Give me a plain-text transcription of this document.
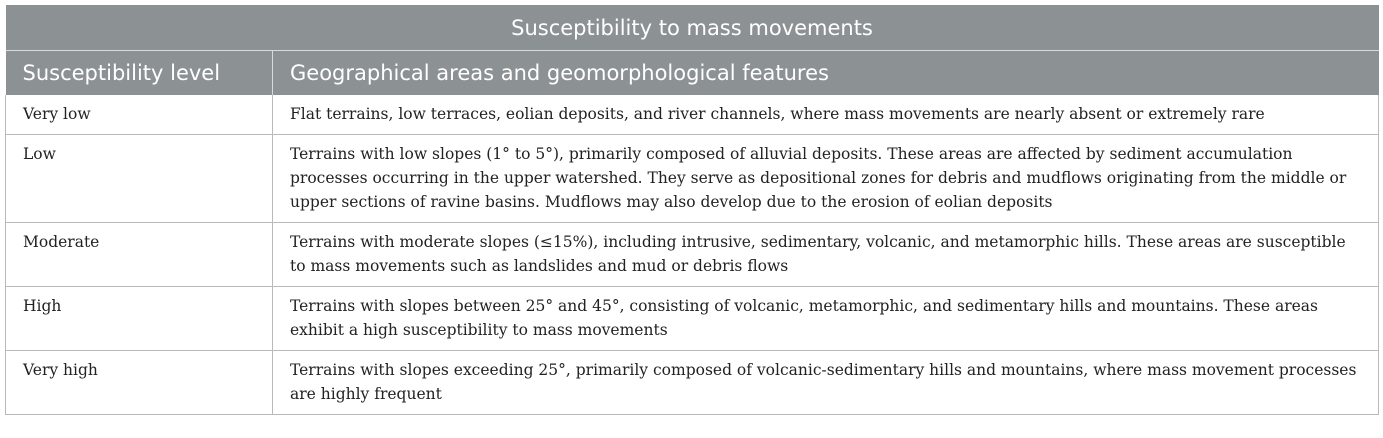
Susceptibility to mass movements	
Susceptibility level	Geographical areas and geomorphological features
Very low	Flat terrains, low terraces, eolian deposits, and river channels, where mass movements are nearly absent or extremely rare
Low	Terrains with low slopes (1° to 5°), primarily composed of alluvial deposits. These areas are affected by sediment accumulation processes occurring in the upper watershed. They serve as depositional zones for debris and mudflows originating from the middle or upper sections of ravine basins. Mudflows may also develop due to the erosion of eolian deposits
Moderate	Terrains with moderate slopes (≤15%), including intrusive, sedimentary, volcanic, and metamorphic hills. These areas are susceptible to mass movements such as landslides and mud or debris flows
High	Terrains with slopes between 25° and 45°, consisting of volcanic, metamorphic, and sedimentary hills and mountains. These areas exhibit a high susceptibility to mass movements
Very high	Terrains with slopes exceeding 25°, primarily composed of volcanic-sedimentary hills and mountains, where mass movement processes are highly frequent
